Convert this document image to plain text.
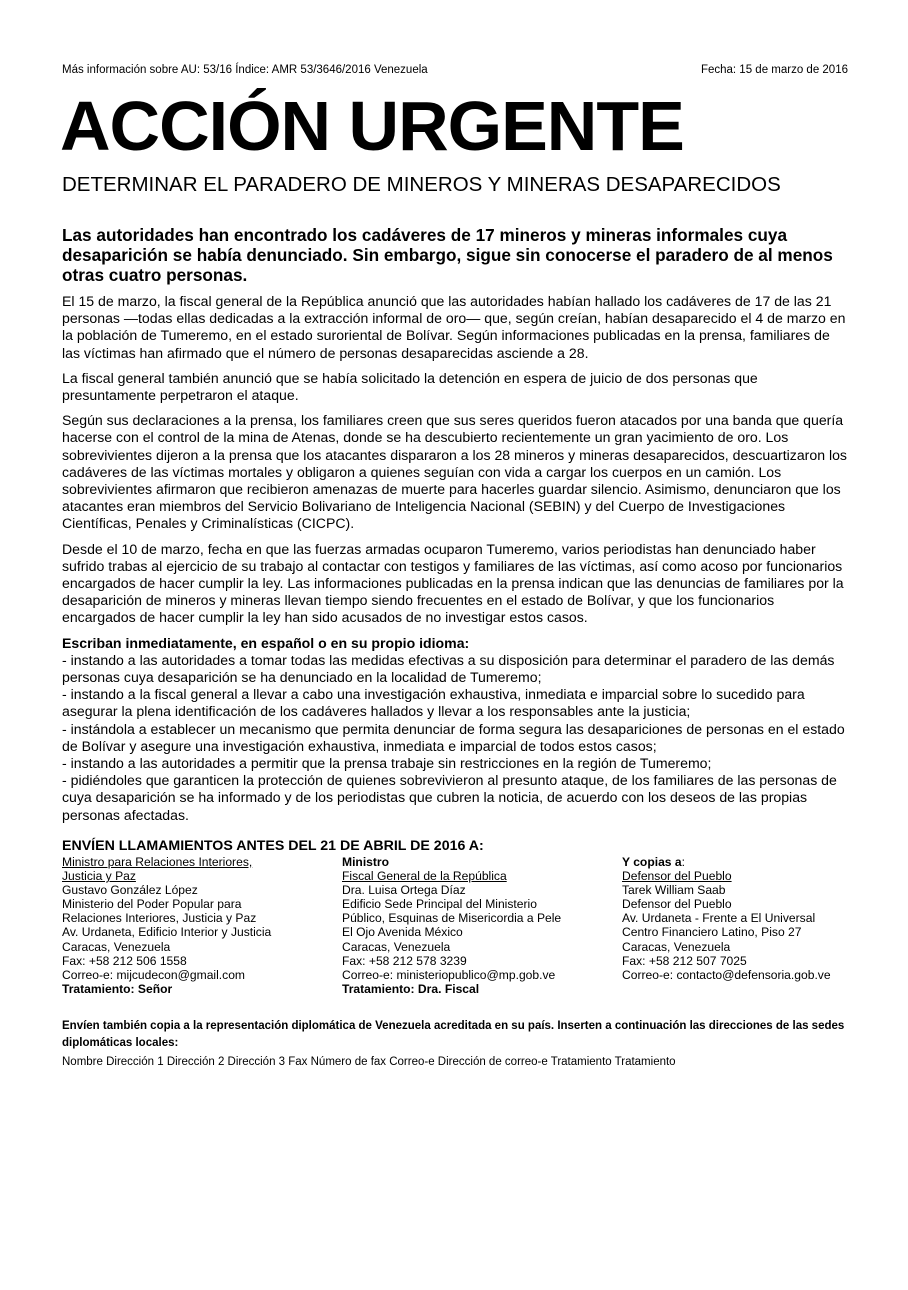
Más información sobre AU: 53/16 Índice: AMR 53/3646/2016 Venezuela	Fecha: 15 de marzo de 2016
ACCIÓN URGENTE
DETERMINAR EL PARADERO DE MINEROS Y MINERAS DESAPARECIDOS
Las autoridades han encontrado los cadáveres de 17 mineros y mineras informales cuya desaparición se había denunciado. Sin embargo, sigue sin conocerse el paradero de al menos otras cuatro personas.

El 15 de marzo, la fiscal general de la República anunció que las autoridades habían hallado los cadáveres de 17 de las 21 personas —todas ellas dedicadas a la extracción informal de oro— que, según creían, habían desaparecido el 4 de marzo en la población de Tumeremo, en el estado suroriental de Bolívar. Según informaciones publicadas en la prensa, familiares de las víctimas han afirmado que el número de personas desaparecidas asciende a 28.

La fiscal general también anunció que se había solicitado la detención en espera de juicio de dos personas que presuntamente perpetraron el ataque.

Según sus declaraciones a la prensa, los familiares creen que sus seres queridos fueron atacados por una banda que quería hacerse con el control de la mina de Atenas, donde se ha descubierto recientemente un gran yacimiento de oro. Los sobrevivientes dijeron a la prensa que los atacantes dispararon a los 28 mineros y mineras desaparecidos, descuartizaron los cadáveres de las víctimas mortales y obligaron a quienes seguían con vida a cargar los cuerpos en un camión. Los sobrevivientes afirmaron que recibieron amenazas de muerte para hacerles guardar silencio. Asimismo, denunciaron que los atacantes eran miembros del Servicio Bolivariano de Inteligencia Nacional (SEBIN) y del Cuerpo de Investigaciones Científicas, Penales y Criminalísticas (CICPC).

Desde el 10 de marzo, fecha en que las fuerzas armadas ocuparon Tumeremo, varios periodistas han denunciado haber sufrido trabas al ejercicio de su trabajo al contactar con testigos y familiares de las víctimas, así como acoso por funcionarios encargados de hacer cumplir la ley. Las informaciones publicadas en la prensa indican que las denuncias de familiares por la desaparición de mineros y mineras llevan tiempo siendo frecuentes en el estado de Bolívar, y que los funcionarios encargados de hacer cumplir la ley han sido acusados de no investigar estos casos.

Escriban inmediatamente, en español o en su propio idioma:
- instando a las autoridades a tomar todas las medidas efectivas a su disposición para determinar el paradero de las demás personas cuya desaparición se ha denunciado en la localidad de Tumeremo;
- instando a la fiscal general a llevar a cabo una investigación exhaustiva, inmediata e imparcial sobre lo sucedido para asegurar la plena identificación de los cadáveres hallados y llevar a los responsables ante la justicia;
- instándola a establecer un mecanismo que permita denunciar de forma segura las desapariciones de personas en el estado de Bolívar y asegure una investigación exhaustiva, inmediata e imparcial de todos estos casos;
- instando a las autoridades a permitir que la prensa trabaje sin restricciones en la región de Tumeremo;
- pidiéndoles que garanticen la protección de quienes sobrevivieron al presunto ataque, de los familiares de las personas de cuya desaparición se ha informado y de los periodistas que cubren la noticia, de acuerdo con los deseos de las propias personas afectadas.
ENVÍEN LLAMAMIENTOS ANTES DEL 21 DE ABRIL DE 2016 A:
Ministro para Relaciones Interiores,
Justicia y Paz
Gustavo González López
Ministerio del Poder Popular para
Relaciones Interiores, Justicia y Paz
Av. Urdaneta, Edificio Interior y Justicia
Caracas, Venezuela
Fax: +58 212 506 1558
Correo-e: mijcudecon@gmail.com
Tratamiento: Señor
Ministro
Fiscal General de la República
Dra. Luisa Ortega Díaz
Edificio Sede Principal del Ministerio
Público, Esquinas de Misericordia a Pele
El Ojo Avenida México
Caracas, Venezuela
Fax: +58 212 578 3239
Correo-e: ministeriopublico@mp.gob.ve
Tratamiento: Dra. Fiscal
Y copias a:
Defensor del Pueblo
Tarek William Saab
Defensor del Pueblo
Av. Urdaneta - Frente a El Universal
Centro Financiero Latino, Piso 27
Caracas, Venezuela
Fax: +58 212 507 7025
Correo-e: contacto@defensoria.gob.ve
Envíen también copia a la representación diplomática de Venezuela acreditada en su país. Inserten a continuación las direcciones de las sedes diplomáticas locales:
Nombre Dirección 1 Dirección 2 Dirección 3 Fax Número de fax Correo-e Dirección de correo-e Tratamiento Tratamiento
